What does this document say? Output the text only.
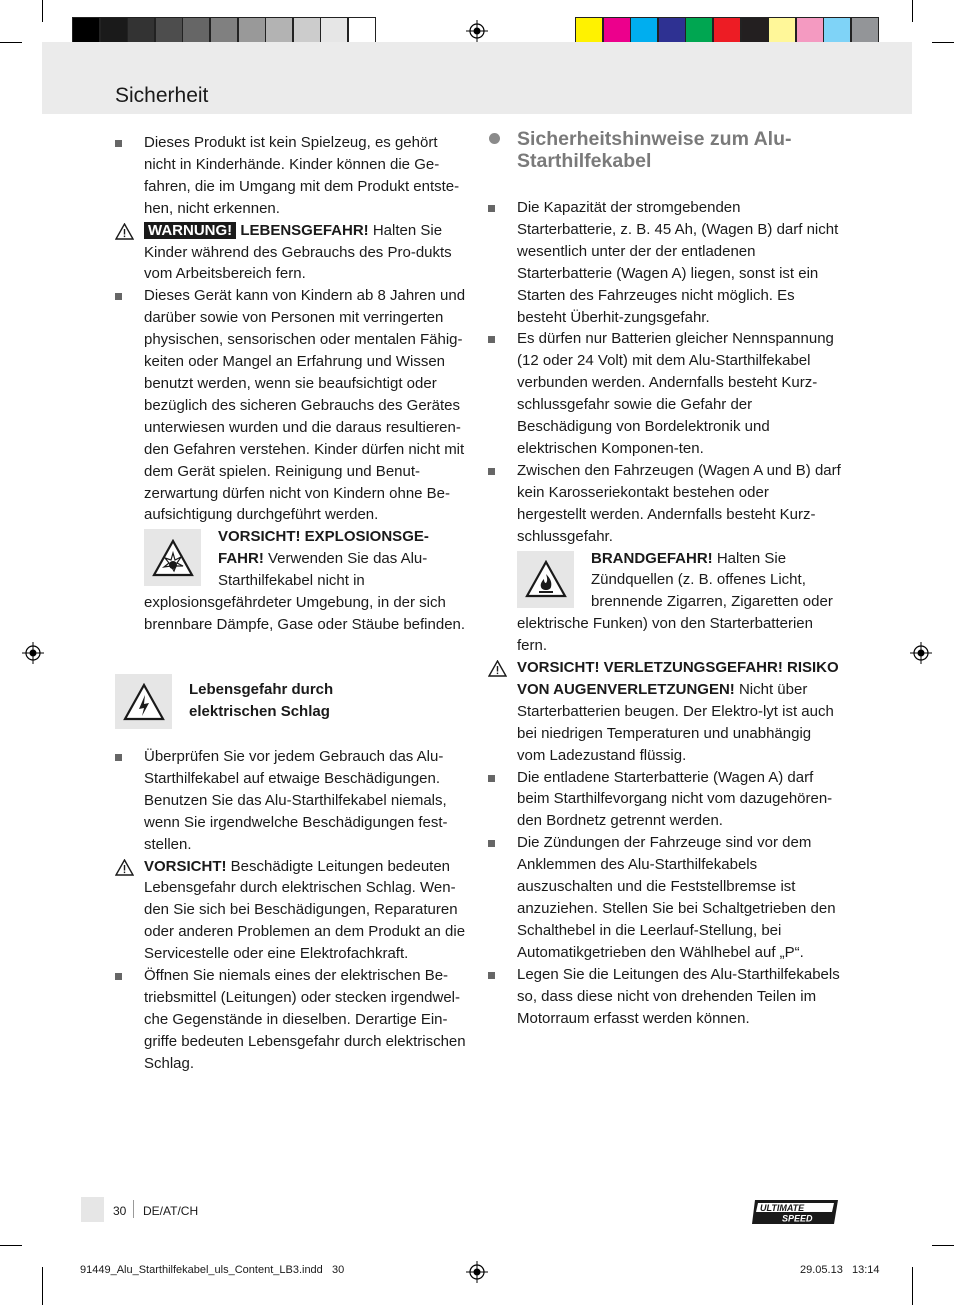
Sicherheit

Dieses Produkt ist kein Spielzeug, es gehört nicht in Kinderhände. Kinder können die Ge-fahren, die im Umgang mit dem Produkt entste-hen, nicht erkennen.

WARNUNG! LEBENSGEFAHR! Halten Sie Kinder während des Gebrauchs des Pro-dukts vom Arbeitsbereich fern.

Dieses Gerät kann von Kindern ab 8 Jahren und darüber sowie von Personen mit verringerten physischen, sensorischen oder mentalen Fähig-keiten oder Mangel an Erfahrung und Wissen benutzt werden, wenn sie beaufsichtigt oder bezüglich des sicheren Gebrauchs des Gerätes unterwiesen wurden und die daraus resultieren-den Gefahren verstehen. Kinder dürfen nicht mit dem Gerät spielen. Reinigung und Benut-zerwartung dürfen nicht von Kindern ohne Be-aufsichtigung durchgeführt werden.

VORSICHT! EXPLOSIONSGE-FAHR! Verwenden Sie das Alu-Starthilfekabel nicht in explosionsgefährdeter Umgebung, in der sich brennbare Dämpfe, Gase oder Stäube befinden.

Lebensgefahr durch elektrischen Schlag

Überprüfen Sie vor jedem Gebrauch das Alu-Starthilfekabel auf etwaige Beschädigungen. Benutzen Sie das Alu-Starthilfekabel niemals, wenn Sie irgendwelche Beschädigungen fest-stellen.

VORSICHT! Beschädigte Leitungen bedeuten Lebensgefahr durch elektrischen Schlag. Wen-den Sie sich bei Beschädigungen, Reparaturen oder anderen Problemen an dem Produkt an die Servicestelle oder eine Elektrofachkraft.

Öffnen Sie niemals eines der elektrischen Be-triebsmittel (Leitungen) oder stecken irgendwel-che Gegenstände in dieselben. Derartige Ein-griffe bedeuten Lebensgefahr durch elektrischen Schlag.

Sicherheitshinweise zum Alu-Starthilfekabel

Die Kapazität der stromgebenden Starterbatterie, z. B. 45 Ah, (Wagen B) darf nicht wesentlich unter der der entladenen Starterbatterie (Wagen A) liegen, sonst ist ein Starten des Fahrzeuges nicht möglich. Es besteht Überhit-zungsgefahr.

Es dürfen nur Batterien gleicher Nennspannung (12 oder 24 Volt) mit dem Alu-Starthilfekabel verbunden werden. Andernfalls besteht Kurz-schlussgefahr sowie die Gefahr der Beschädigung von Bordelektronik und elektrischen Komponen-ten.

Zwischen den Fahrzeugen (Wagen A und B) darf kein Karosseriekontakt bestehen oder hergestellt werden. Andernfalls besteht Kurz-schlussgefahr.

BRANDGEFAHR! Halten Sie Zündquellen (z. B. offenes Licht, brennende Zigarren, Zigaretten oder elektrische Funken) von den Starterbatterien fern.

VORSICHT! VERLETZUNGSGEFAHR! RISIKO VON AUGENVERLETZUNGEN! Nicht über Starterbatterien beugen. Der Elektro-lyt ist auch bei niedrigen Temperaturen und unabhängig vom Ladezustand flüssig.

Die entladene Starterbatterie (Wagen A) darf beim Starthilfevorgang nicht vom dazugehören-den Bordnetz getrennt werden.

Die Zündungen der Fahrzeuge sind vor dem Anklemmen des Alu-Starthilfekabels auszuschalten und die Feststellbremse ist anzuziehen. Stellen Sie bei Schaltgetrieben den Schalthebel in die Leerlauf-Stellung, bei Automatikgetrieben den Wählhebel auf „P“.

Legen Sie die Leitungen des Alu-Starthilfekabels so, dass diese nicht von drehenden Teilen im Motorraum erfasst werden können.

30 DE/AT/CH	ULTIMATE
SPEED
91449_Alu_Starthilfekabel_uls_Content_LB3.indd   30	29.05.13   13:14
